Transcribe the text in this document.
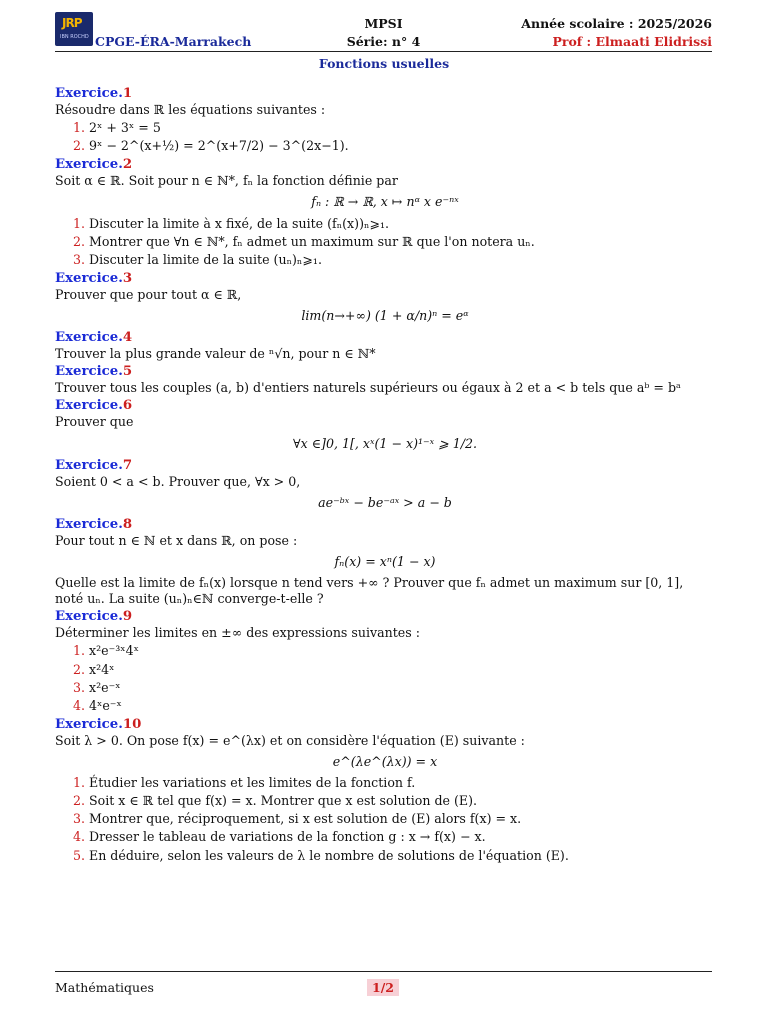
JRP
IBN ROCHD CPGE-ÉRA-Marrakech
MPSI
Série: n° 4
Année scolaire : 2025/2026
Prof : Elmaati Elidrissi
Fonctions usuelles
Exercice.1
Résoudre dans ℝ les équations suivantes :
1. 2ˣ + 3ˣ = 5
2. 9ˣ − 2^(x+½) = 2^(x+7/2) − 3^(2x−1).
Exercice.2
Soit α ∈ ℝ. Soit pour n ∈ ℕ*, fₙ la fonction définie par
fₙ : ℝ → ℝ, x ↦ nᵅ x e⁻ⁿˣ
1. Discuter la limite à x fixé, de la suite (fₙ(x))ₙ⩾₁.
2. Montrer que ∀n ∈ ℕ*, fₙ admet un maximum sur ℝ que l'on notera uₙ.
3. Discuter la limite de la suite (uₙ)ₙ⩾₁.
Exercice.3
Prouver que pour tout α ∈ ℝ,
lim(n→+∞) (1 + α/n)ⁿ = eᵅ
Exercice.4
Trouver la plus grande valeur de ⁿ√n, pour n ∈ ℕ*
Exercice.5
Trouver tous les couples (a, b) d'entiers naturels supérieurs ou égaux à 2 et a < b tels que aᵇ = bᵃ
Exercice.6
Prouver que
∀x ∈]0, 1[, xˣ(1 − x)¹⁻ˣ ⩾ 1/2.
Exercice.7
Soient 0 < a < b. Prouver que, ∀x > 0,
ae⁻ᵇˣ − be⁻ᵃˣ > a − b
Exercice.8
Pour tout n ∈ ℕ et x dans ℝ, on pose :
fₙ(x) = xⁿ(1 − x)
Quelle est la limite de fₙ(x) lorsque n tend vers +∞ ? Prouver que fₙ admet un maximum sur [0, 1], noté uₙ. La suite (uₙ)ₙ∈ℕ converge-t-elle ?
Exercice.9
Déterminer les limites en ±∞ des expressions suivantes :
1. x²e⁻³ˣ4ˣ
2. x²4ˣ
3. x²e⁻ˣ
4. 4ˣe⁻ˣ
Exercice.10
Soit λ > 0. On pose f(x) = e^(λx) et on considère l'équation (E) suivante :
e^(λe^(λx)) = x
1. Étudier les variations et les limites de la fonction f.
2. Soit x ∈ ℝ tel que f(x) = x. Montrer que x est solution de (E).
3. Montrer que, réciproquement, si x est solution de (E) alors f(x) = x.
4. Dresser le tableau de variations de la fonction g : x → f(x) − x.
5. En déduire, selon les valeurs de λ le nombre de solutions de l'équation (E).
Mathématiques	1/2
